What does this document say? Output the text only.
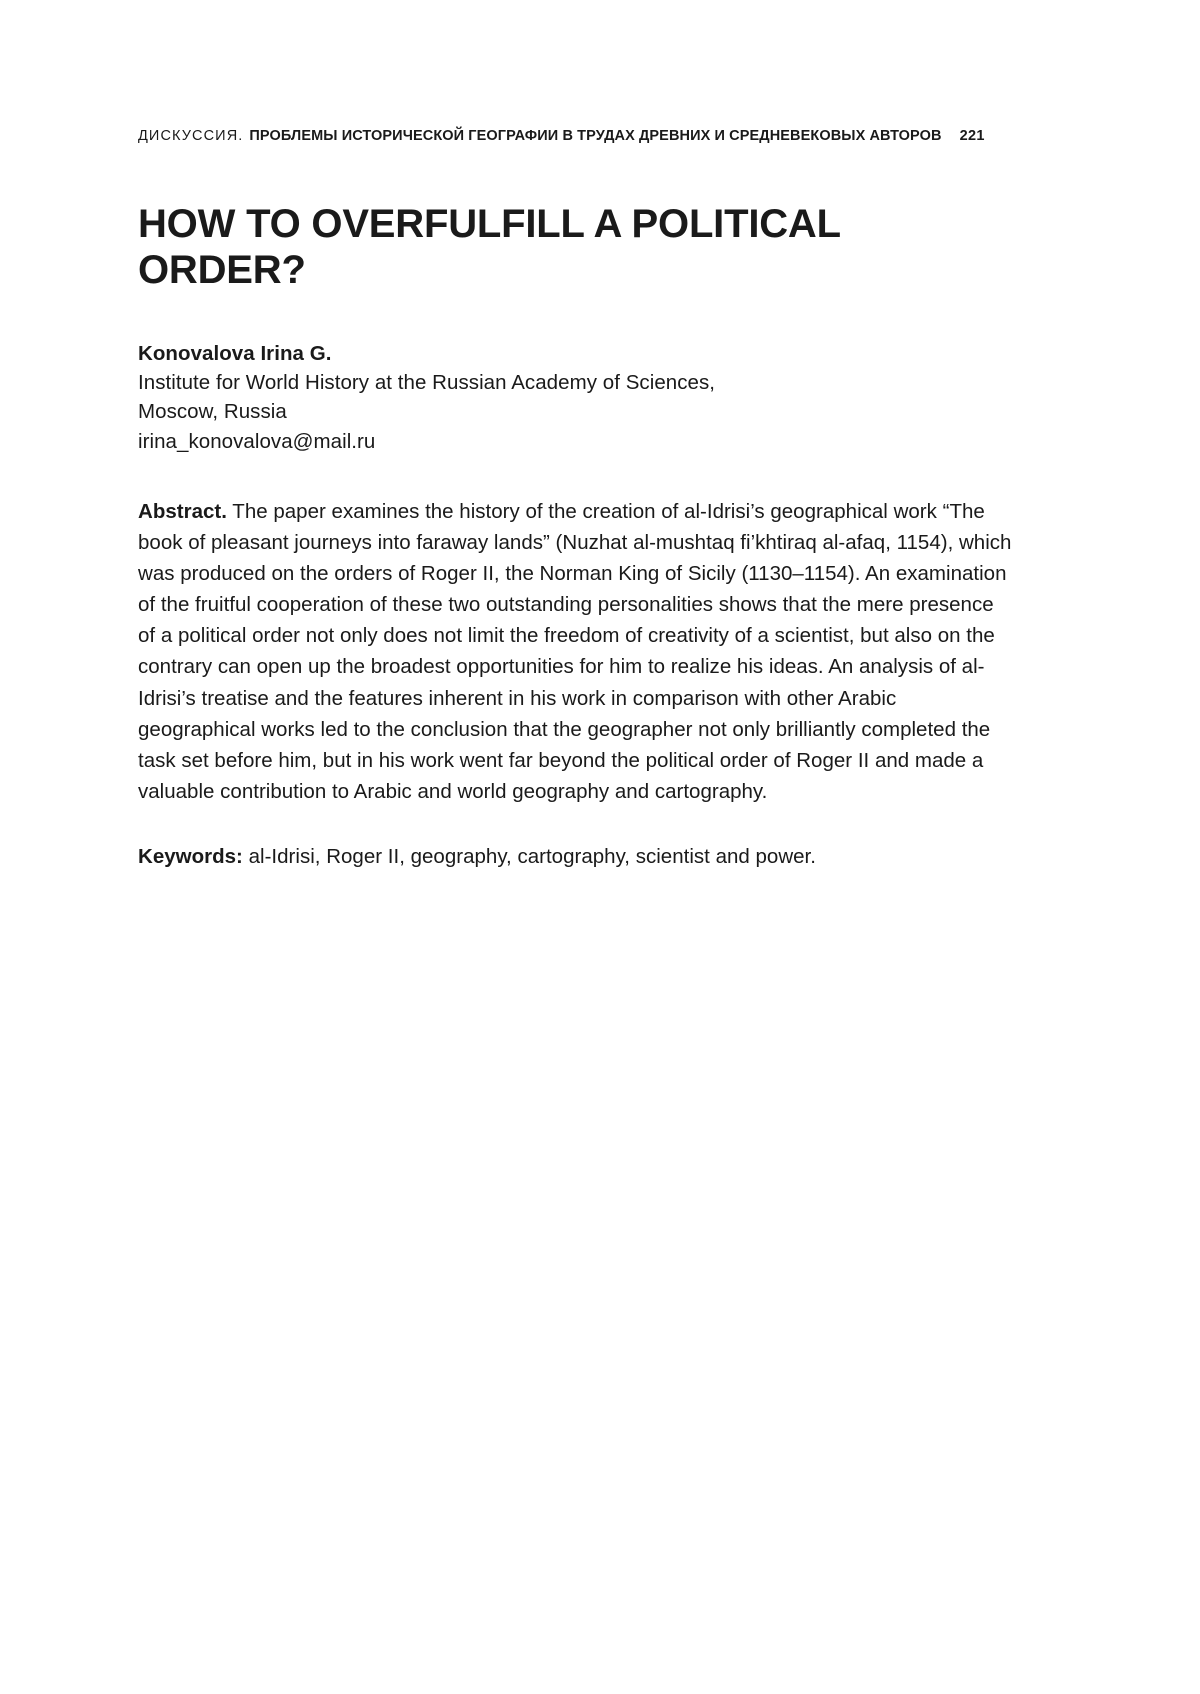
ДИСКУССИЯ. ПРОБЛЕМЫ ИСТОРИЧЕСКОЙ ГЕОГРАФИИ В ТРУДАХ ДРЕВНИХ И СРЕДНЕВЕКОВЫХ АВТОРОВ 221
HOW TO OVERFULFILL A POLITICAL ORDER?

Konovalova Irina G.

Institute for World History at the Russian Academy of Sciences,

Moscow, Russia

irina_konovalova@mail.ru

Abstract. The paper examines the history of the creation of al-Idrisi’s geographical work “The book of pleasant journeys into faraway lands” (Nuzhat al-mushtaq fi’khtiraq al-afaq, 1154), which was produced on the orders of Roger II, the Norman King of Sicily (1130–1154). An examination of the fruitful cooperation of these two outstanding personalities shows that the mere presence of a political order not only does not limit the freedom of creativity of a scientist, but also on the contrary can open up the broadest opportunities for him to realize his ideas. An analysis of al-Idrisi’s treatise and the features inherent in his work in comparison with other Arabic geographical works led to the conclusion that the geographer not only brilliantly completed the task set before him, but in his work went far beyond the political order of Roger II and made a valuable contribution to Arabic and world geography and cartography.

Keywords: al-Idrisi, Roger II, geography, cartography, scientist and power.
